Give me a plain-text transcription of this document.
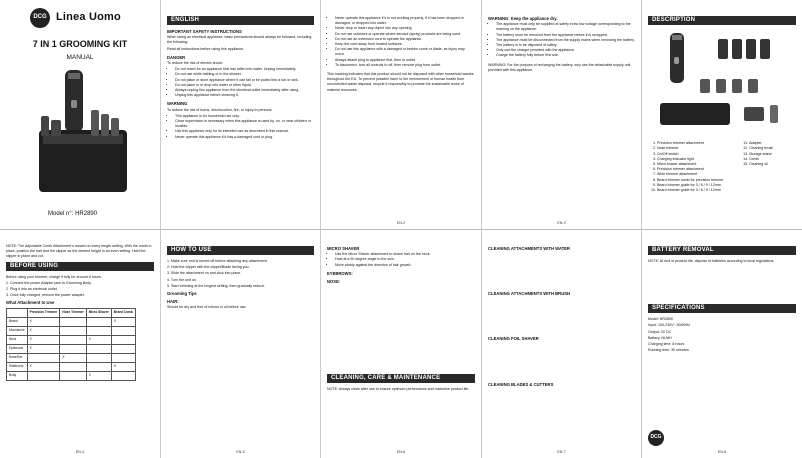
DCG Linea Uomo
7 IN 1 GROOMING KIT
MANUAL
Model n°: HR2890
ENGLISH
IMPORTANT SAFETY INSTRUCTIONS
When using an electrical appliance, basic precautions should always be followed, including the following:
Read all instructions before using this appliance.
DANGER
To reduce the risk of electric shock:
• Do not reach for an appliance that has fallen into water. Unplug immediately.
• Do not use while bathing or in the shower.
• Do not place or store appliance where it can fall or be pulled into a tub or sink.
• Do not place in or drop into water or other liquid.
• Always unplug this appliance from the electrical outlet immediately after using.
• Unplug this appliance before cleaning it.
WARNING
To reduce the risk of burns, electrocution, fire, or injury to persons:
• This appliance is for household use only.
• Close supervision is necessary when this appliance is used by, on, or near children or invalids.
• Use this appliance only for its intended use as described in this manual.
• Never operate this appliance if it has a damaged cord or plug.
• Never operate this appliance if it is not working properly, if it has been dropped or damaged, or dropped into water.
• Never drop or insert any object into any opening.
• Do not use outdoors or operate where aerosol (spray) products are being used.
• Do not use an extension cord to operate the appliance.
• Keep the cord away from heated surfaces.
• Do not use this appliance with a damaged or broken comb or blade, as injury may occur.
• Always attach plug to appliance first, then to outlet.
• To disconnect, turn all controls to off, then remove plug from outlet.
This marking indicates that this product should not be disposed with other household wastes throughout the EU. To prevent possible harm to the environment or human health from uncontrolled waste disposal, recycle it responsibly to promote the sustainable reuse of material resources.
EN-2
WARNING: Keep the appliance dry.
• The appliance must only be supplied at safety extra low voltage corresponding to the marking on the appliance.
• The battery must be removed from the appliance before it is scrapped.
• The appliance must be disconnected from the supply mains when removing the battery.
• The battery is to be disposed of safely.
• Only use the charger provided with the appliance.
• Charge the battery fully before first use.
WARNING: For the purpose of recharging the battery, only use the detachable supply unit provided with this appliance.
EN-3
DESCRIPTION
1. Precision trimmer attachment
2. Nose trimmer
3. On/Off switch
4. Charging indicator light
5. Micro shaver attachment
6. Precision trimmer attachment
7. Wide trimmer attachment
8. Beard trimmer comb for precision trimmer
9. Beard trimmer guide for 3 / 6 / 9 / 12mm
10. Beard trimmer guide for 3 / 6 / 9 / 12mm
11. Adapter
12. Cleaning brush
13. Storage stand
14. Comb
15. Cleaning oil
NOTE: The Adjustable Comb Attachment's moved on every length setting. With the comb in place, position the hair and the clipper as the desired height in an even setting. Hold the clipper in place and cut.
BEFORE USING
Before using your trimmer, charge it fully for around 8 hours.
1. Connect the power Adapter jack to Grooming Body.
2. Plug it into an electrical outlet.
3. Once fully charged, remove the power adapter.
What Attachment to Use
	Precision Trimmer	Nose Trimmer	Micro Shaver	Beard Comb
Beard	X			X
Moustache	X			
Neck	X		X	
Eyebrows	X			
Nose/Ear		X		
Sideburns	X			X
Body			X	
EN-4
HOW TO USE
1. Make sure unit is turned off before attaching any attachment.
2. Hold the clipper with the clipper/Blade facing you.
3. Slide the attachment on and click into place.
4. Turn the unit on.
5. Start trimming at the longest setting, then gradually reduce.
Grooming Tips
HAIR:
Should be dry and free of lotions or oil before use.
EN-5
MICRO SHAVER
• Use the Micro Shaver attachment to shave hair on the neck.
• Hold at a 90 degree angle to the skin.
• Move slowly against the direction of hair growth.
EYEBROWS:
NOSE:
CLEANING, CARE & MAINTENANCE
NOTE: Always clean after use to ensure optimum performance and maximise product life.
EN-6
CLEANING ATTACHMENTS WITH WATER
CLEANING ATTACHMENTS WITH BRUSH
CLEANING FOIL SHAVER
CLEANING BLADES & CUTTERS
EN-7
BATTERY REMOVAL
NOTE: At end of product life, dispose of batteries according to local regulations.
SPECIFICATIONS
Model: HR2890
Input: 100-240V~ 50/60Hz
Output: 3V DC
Battery: Ni-MH
Charging time: 8 hours
Running time: 30 minutes
DCG
EN-8
